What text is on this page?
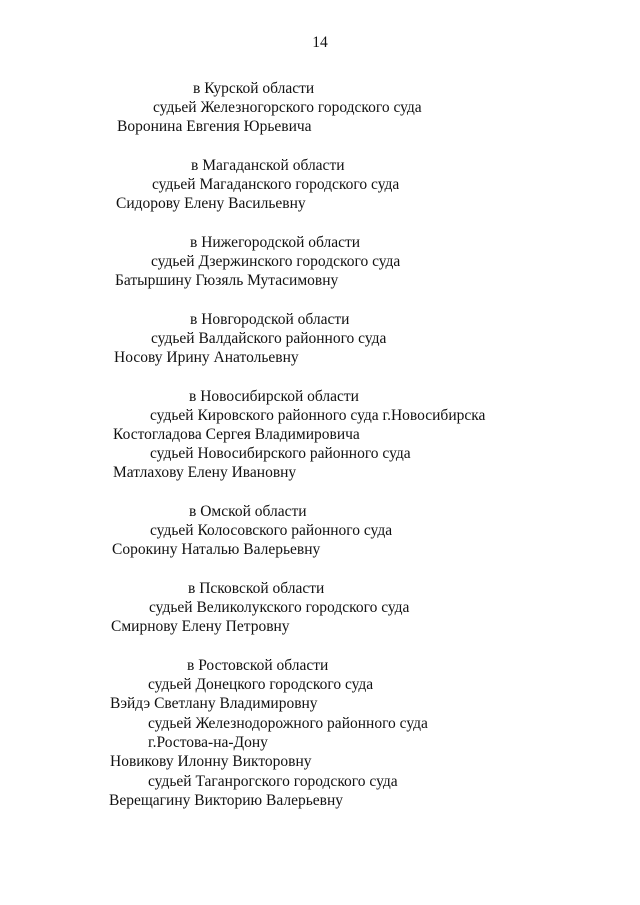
14
в Курской области
судьей Железногорского городского суда
Воронина Евгения Юрьевича
в Магаданской области
судьей Магаданского городского суда
Сидорову Елену Васильевну
в Нижегородской области
судьей Дзержинского городского суда
Батыршину Гюзяль Мутасимовну
в Новгородской области
судьей Валдайского районного суда
Носову Ирину Анатольевну
в Новосибирской области
судьей Кировского районного суда г.Новосибирска
Костогладова Сергея Владимировича
судьей Новосибирского районного суда
Матлахову Елену Ивановну
в Омской области
судьей Колосовского районного суда
Сорокину Наталью Валерьевну
в Псковской области
судьей Великолукского городского суда
Смирнову Елену Петровну
в Ростовской области
судьей Донецкого городского суда
Вэйдэ Светлану Владимировну
судьей Железнодорожного районного суда
г.Ростова-на-Дону
Новикову Илонну Викторовну
судьей Таганрогского городского суда
Верещагину Викторию Валерьевну
